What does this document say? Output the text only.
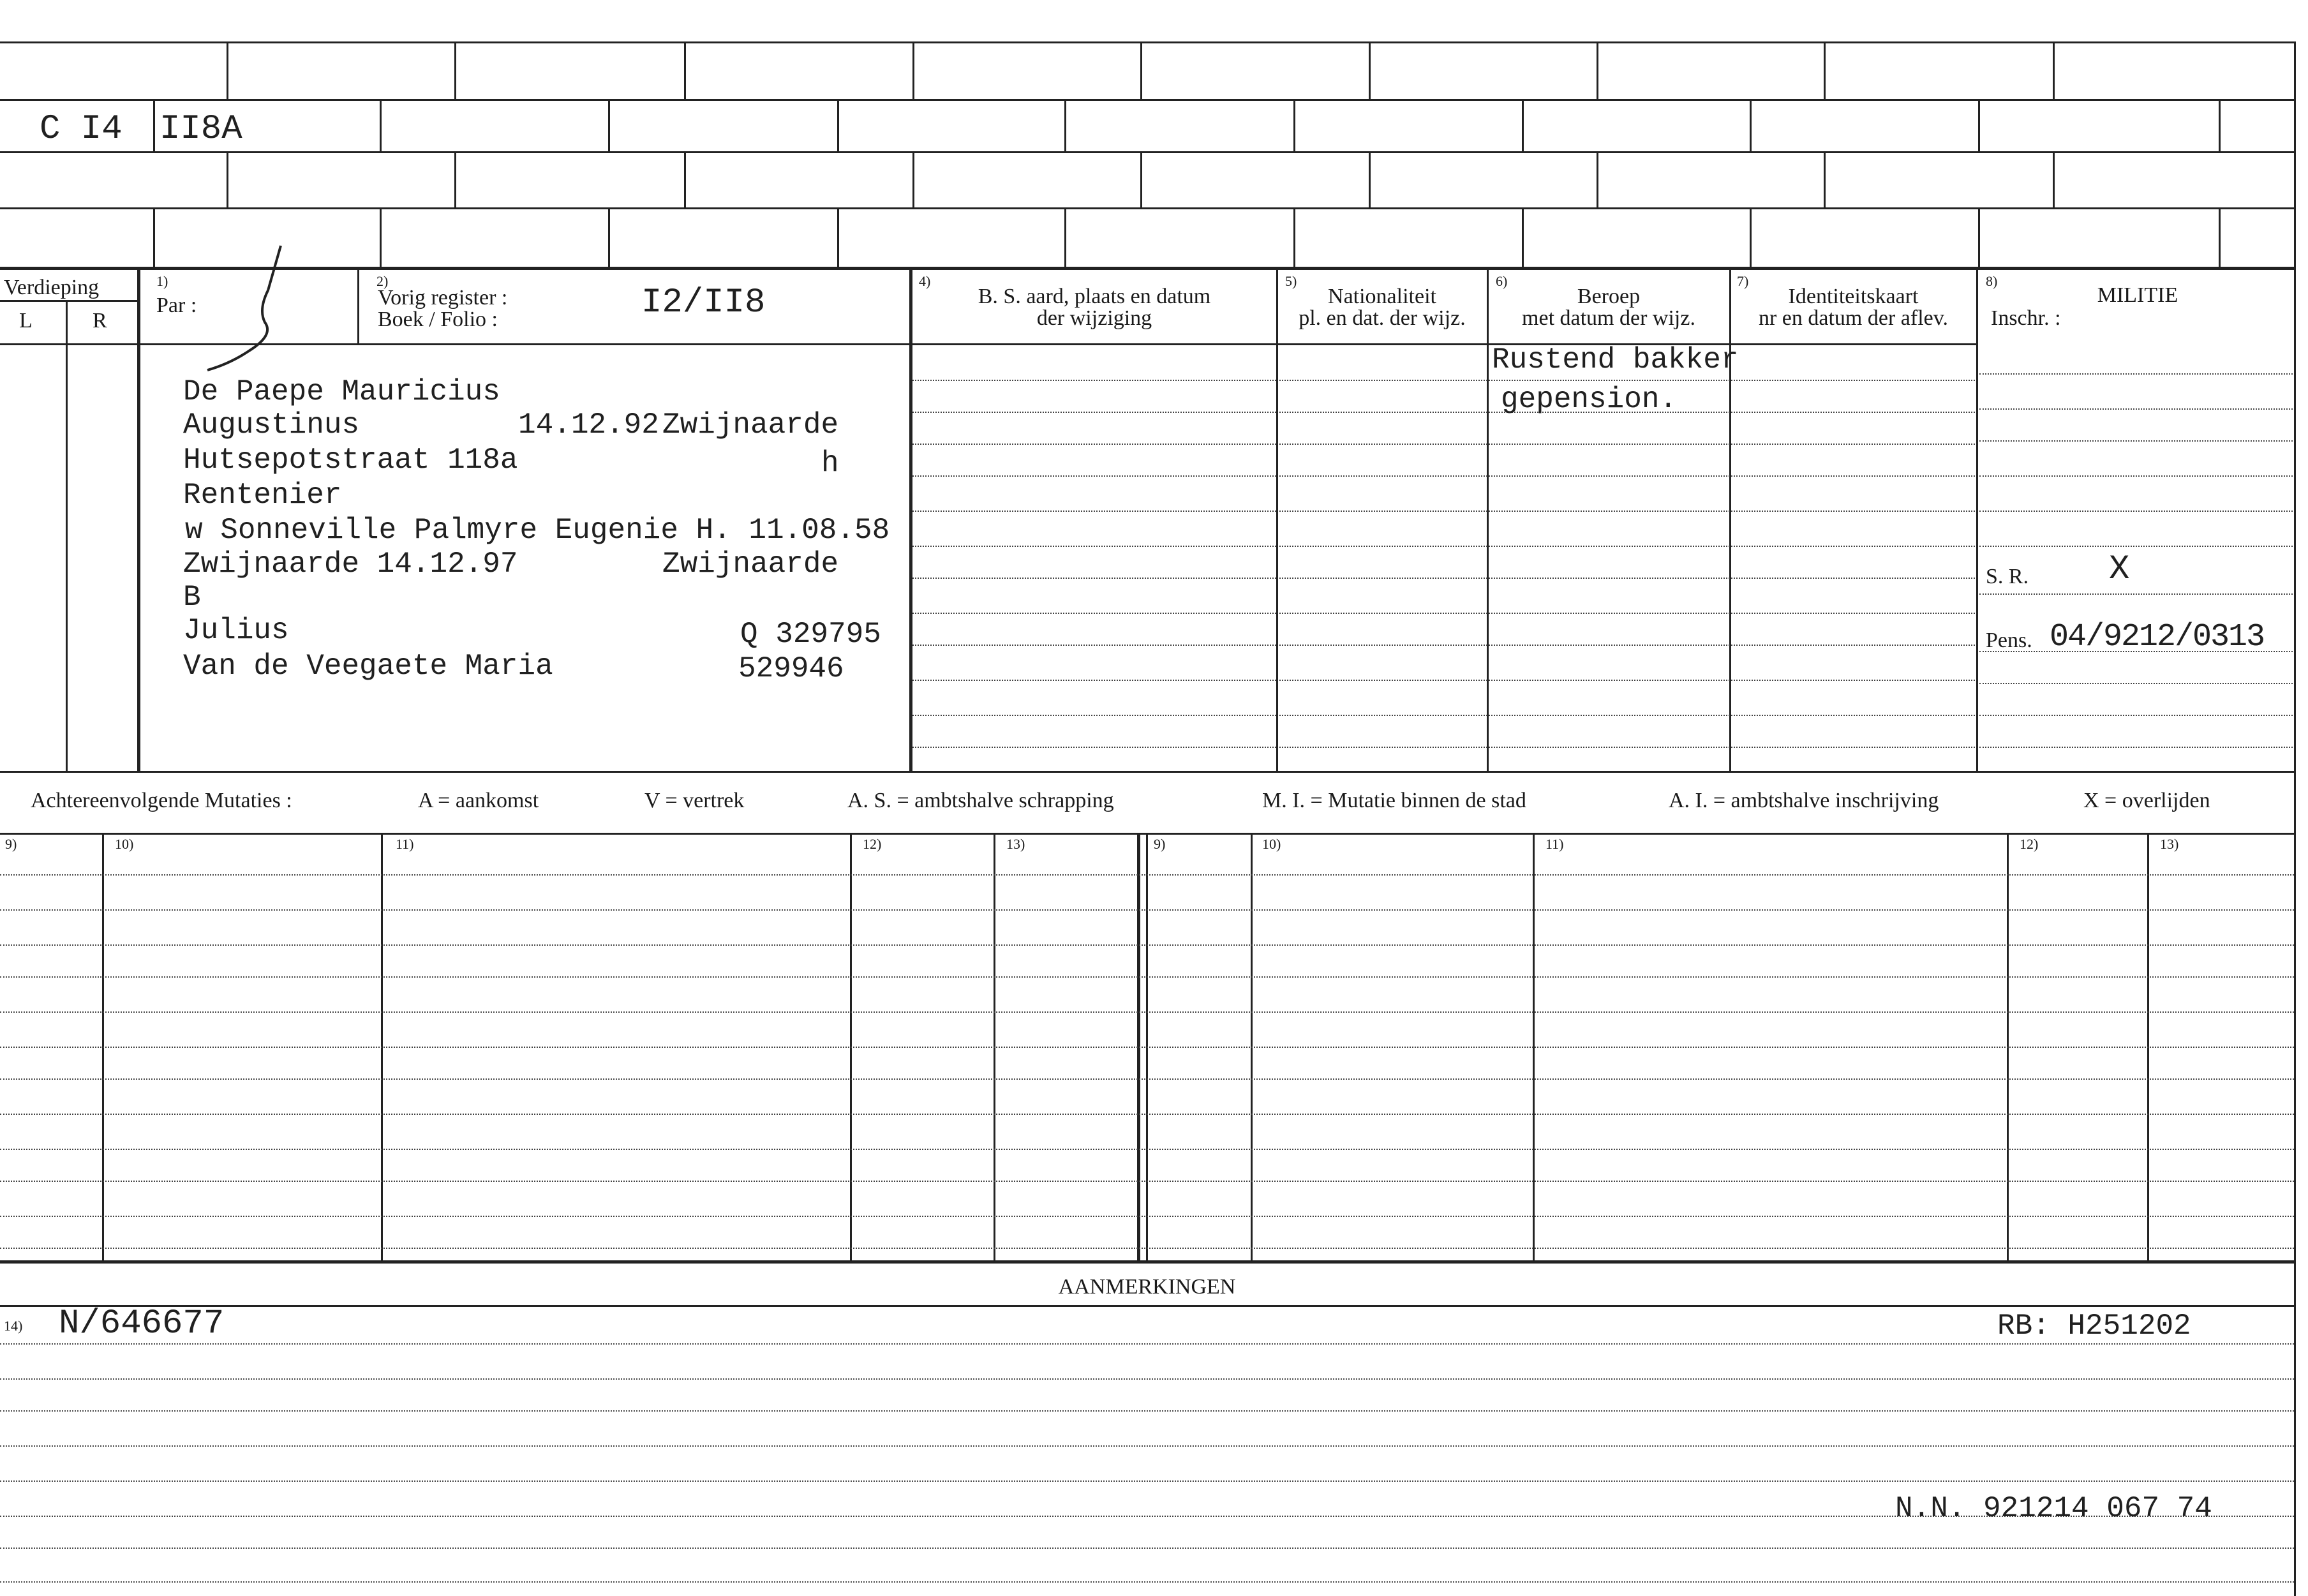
C I4 II8A
Verdieping
L	R
1)
Par :
2)
Vorig register :
Boek / Folio :	I2/II8
4)
B. S. aard, plaats en datum
der wijziging
5)
Nationaliteit
pl. en dat. der wijz.
6)
Beroep
met datum der wijz.
7)
Identiteitskaart
nr en datum der aflev.
8)
MILITIE
Inschr. :
De Paepe Mauricius
Augustinus	14.12.92 Zwijnaarde
Hutsepotstraat 118a	h
Rentenier
w Sonneville Palmyre Eugenie H. 11.08.58
Zwijnaarde 14.12.97	Zwijnaarde
B
Julius	Q 329795
Van de Veegaete Maria	529946
Rustend bakker
gepension.
S. R. X
Pens. 04/9212/0313
Achtereenvolgende Mutaties :	A = aankomst	V = vertrek	A. S. = ambtshalve schrapping	M. I. = Mutatie binnen de stad	A. I. = ambtshalve inschrijving	X = overlijden
9)	10)	11)	12)	13)	9)	10)	11)	12)	13)
AANMERKINGEN
14) N/646677	RB: H251202
N.N. 921214 067 74
